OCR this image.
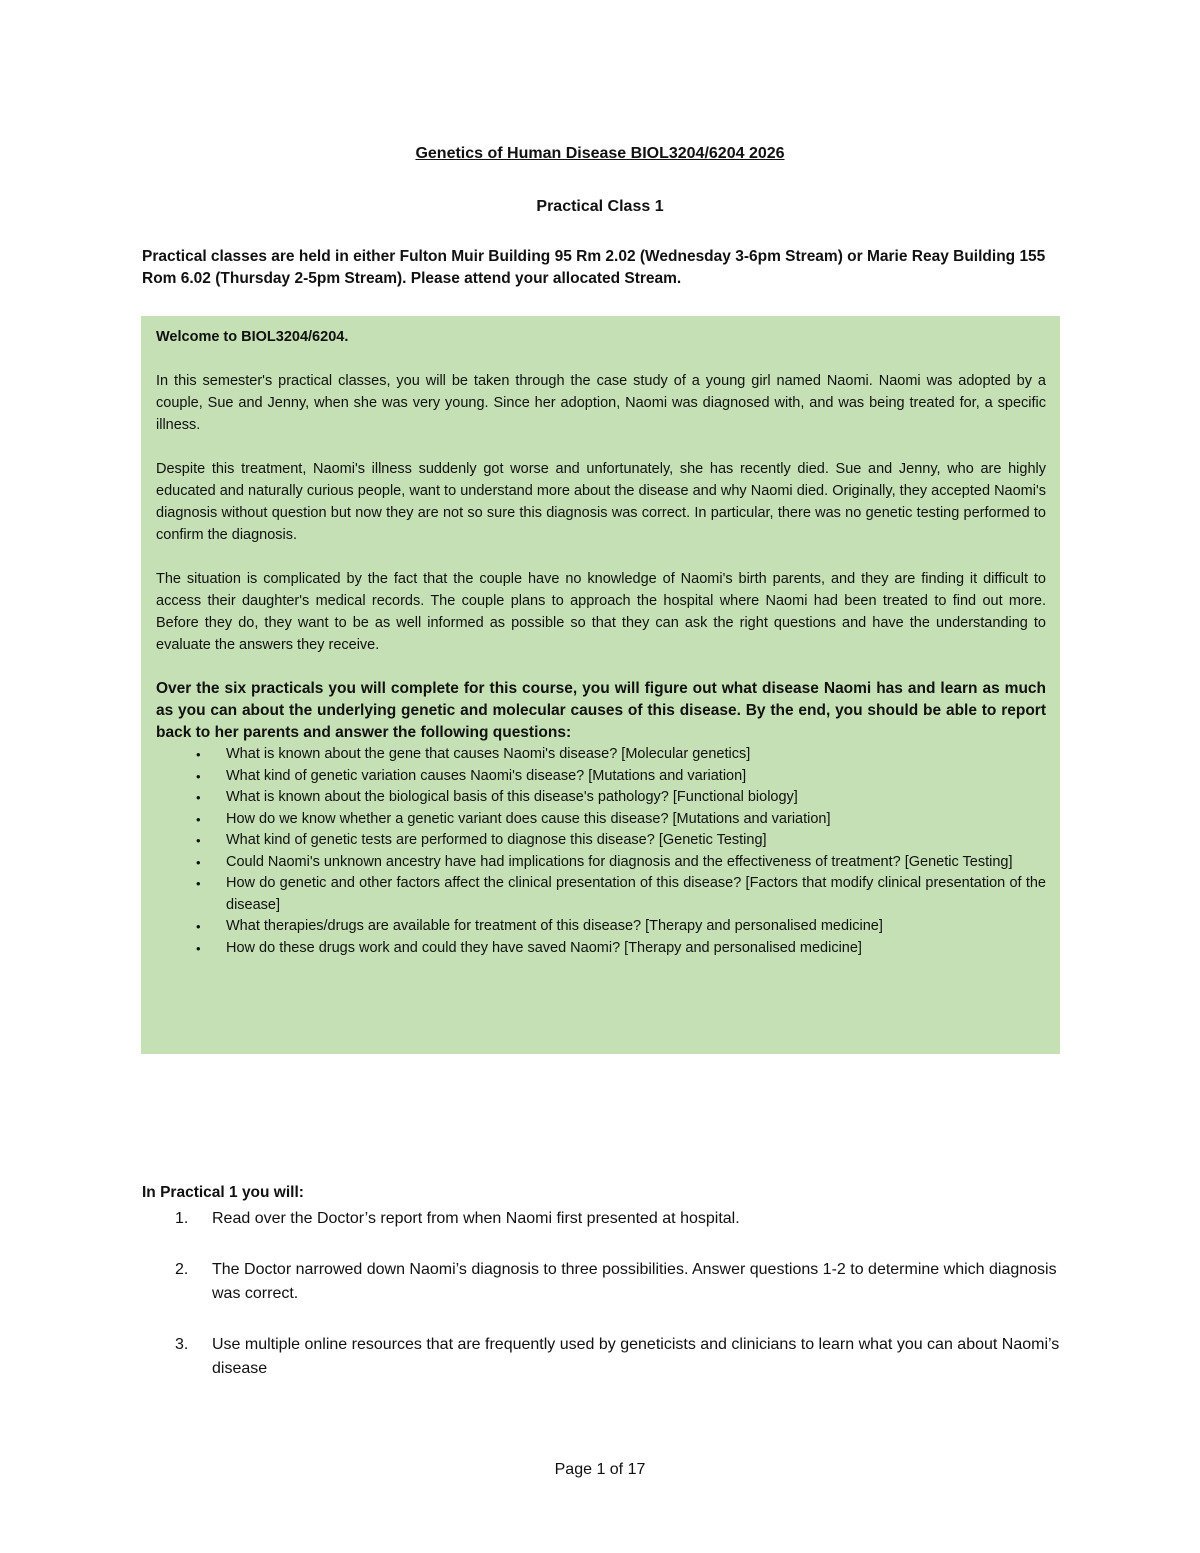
Genetics of Human Disease BIOL3204/6204 2026
Practical Class 1
Practical classes are held in either Fulton Muir Building 95 Rm 2.02 (Wednesday 3-6pm Stream) or Marie Reay Building 155 Rom 6.02 (Thursday 2-5pm Stream). Please attend your allocated Stream.

Welcome to BIOL3204/6204.

In this semester's practical classes, you will be taken through the case study of a young girl named Naomi. Naomi was adopted by a couple, Sue and Jenny, when she was very young. Since her adoption, Naomi was diagnosed with, and was being treated for, a specific illness.

Despite this treatment, Naomi's illness suddenly got worse and unfortunately, she has recently died. Sue and Jenny, who are highly educated and naturally curious people, want to understand more about the disease and why Naomi died. Originally, they accepted Naomi's diagnosis without question but now they are not so sure this diagnosis was correct. In particular, there was no genetic testing performed to confirm the diagnosis.

The situation is complicated by the fact that the couple have no knowledge of Naomi's birth parents, and they are finding it difficult to access their daughter's medical records. The couple plans to approach the hospital where Naomi had been treated to find out more. Before they do, they want to be as well informed as possible so that they can ask the right questions and have the understanding to evaluate the answers they receive.

Over the six practicals you will complete for this course, you will figure out what disease Naomi has and learn as much as you can about the underlying genetic and molecular causes of this disease. By the end, you should be able to report back to her parents and answer the following questions:

• What is known about the gene that causes Naomi's disease? [Molecular genetics]
• What kind of genetic variation causes Naomi's disease? [Mutations and variation]
• What is known about the biological basis of this disease's pathology? [Functional biology]
• How do we know whether a genetic variant does cause this disease? [Mutations and variation]
• What kind of genetic tests are performed to diagnose this disease? [Genetic Testing]
• Could Naomi's unknown ancestry have had implications for diagnosis and the effectiveness of treatment? [Genetic Testing]
• How do genetic and other factors affect the clinical presentation of this disease? [Factors that modify clinical presentation of the disease]
• What therapies/drugs are available for treatment of this disease? [Therapy and personalised medicine]
• How do these drugs work and could they have saved Naomi? [Therapy and personalised medicine]
In Practical 1 you will:
1. Read over the Doctor’s report from when Naomi first presented at hospital.
2. The Doctor narrowed down Naomi’s diagnosis to three possibilities. Answer questions 1-2 to determine which diagnosis was correct.
3. Use multiple online resources that are frequently used by geneticists and clinicians to learn what you can about Naomi’s disease
Page 1 of 17
